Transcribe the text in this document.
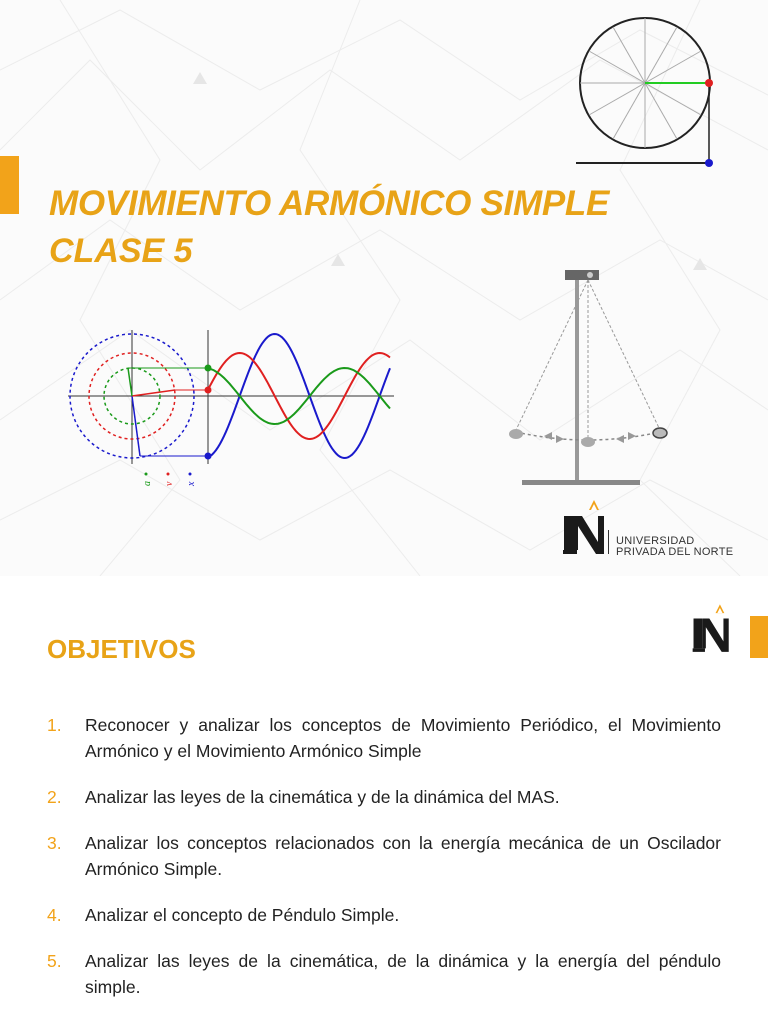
MOVIMIENTO ARMÓNICO SIMPLE
CLASE 5
a v x
UNIVERSIDAD
PRIVADA DEL NORTE
OBJETIVOS
1. Reconocer y analizar los conceptos de Movimiento Periódico, el Movimiento Armónico y el Movimiento Armónico Simple
2. Analizar las leyes de la cinemática y de la dinámica del MAS.
3. Analizar los conceptos relacionados con la energía mecánica de un Oscilador Armónico Simple.
4. Analizar el concepto de Péndulo Simple.
5. Analizar las leyes de la cinemática, de la dinámica y la energía del péndulo simple.
